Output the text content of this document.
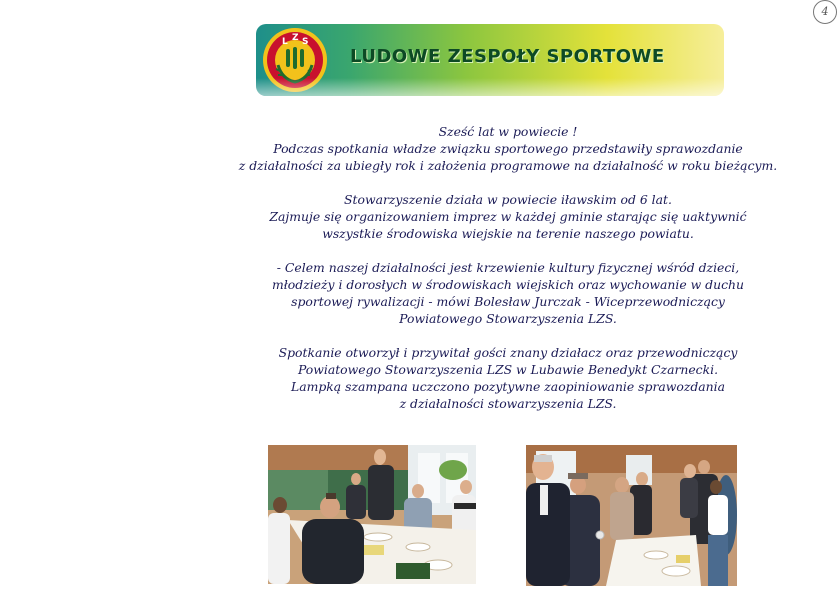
4
L Z S
LUDOWE ZESPOŁY SPORTOWE

Sześć lat w powiecie !
Podczas spotkania władze związku sportowego przedstawiły sprawozdanie
z działalności za ubiegły rok i założenia programowe na działalność w roku bieżącym.

Stowarzyszenie działa w powiecie iławskim od 6 lat.
Zajmuje się organizowaniem imprez w każdej gminie starając się uaktywnić
wszystkie środowiska wiejskie na terenie naszego powiatu.

- Celem naszej działalności jest krzewienie kultury fizycznej wśród dzieci,
młodzieży i dorosłych w środowiskach wiejskich oraz wychowanie w duchu
sportowej rywalizacji - mówi Bolesław Jurczak - Wiceprzewodniczący
Powiatowego Stowarzyszenia LZS.

Spotkanie otworzył i przywitał gości znany działacz oraz przewodniczący
Powiatowego Stowarzyszenia LZS w Lubawie Benedykt Czarnecki.
Lampką szampana uczczono pozytywne zaopiniowanie sprawozdania
z działalności stowarzyszenia LZS.
